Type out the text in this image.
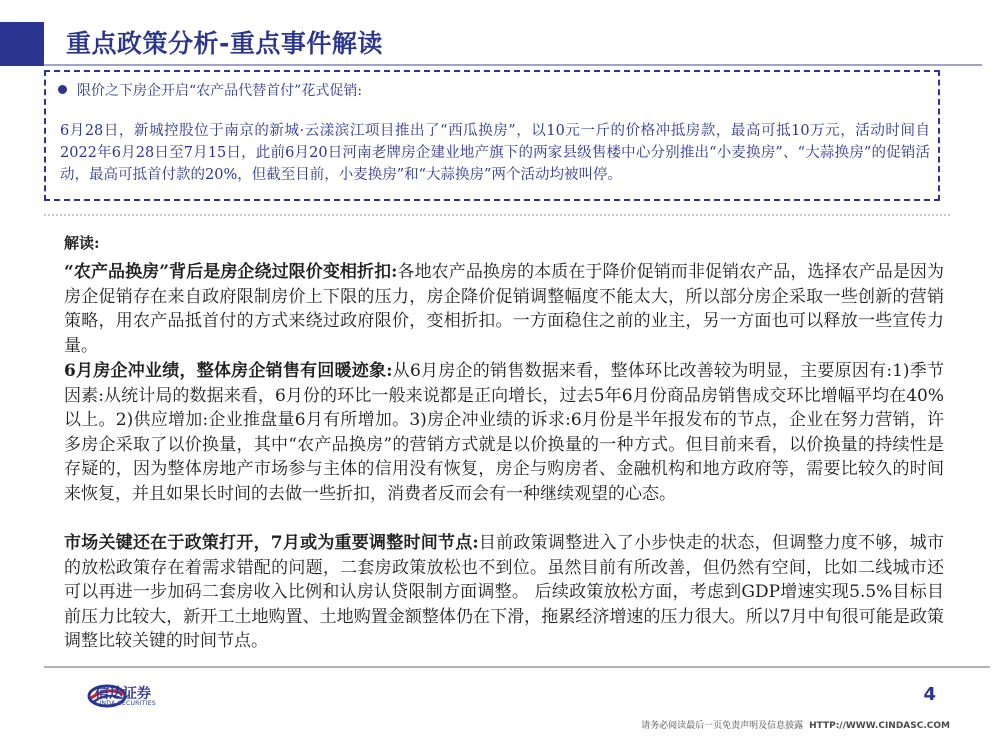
重点政策分析-重点事件解读
限价之下房企开启“农产品代替首付”花式促销:
6月28日，新城控股位于南京的新城·云漾滨江项目推出了“西瓜换房”，以10元一斤的价格冲抵房款，最高可抵10万元，活动时间自2022年6月28日至7月15日，此前6月20日河南老牌房企建业地产旗下的两家县级售楼中心分别推出“小麦换房”、“大蒜换房”的促销活动，最高可抵首付款的20%，但截至目前，小麦换房”和“大蒜换房”两个活动均被叫停。
解读:
“农产品换房”背后是房企绕过限价变相折扣:各地农产品换房的本质在于降价促销而非促销农产品，选择农产品是因为房企促销存在来自政府限制房价上下限的压力，房企降价促销调整幅度不能太大，所以部分房企采取一些创新的营销策略，用农产品抵首付的方式来绕过政府限价，变相折扣。一方面稳住之前的业主，另一方面也可以释放一些宣传力量。
6月房企冲业绩，整体房企销售有回暖迹象:从6月房企的销售数据来看，整体环比改善较为明显，主要原因有:1)季节因素:从统计局的数据来看，6月份的环比一般来说都是正向增长，过去5年6月份商品房销售成交环比增幅平均在40%以上。2)供应增加:企业推盘量6月有所增加。3)房企冲业绩的诉求:6月份是半年报发布的节点，企业在努力营销，许多房企采取了以价换量，其中“农产品换房”的营销方式就是以价换量的一种方式。但目前来看，以价换量的持续性是存疑的，因为整体房地产市场参与主体的信用没有恢复，房企与购房者、金融机构和地方政府等，需要比较久的时间来恢复，并且如果长时间的去做一些折扣，消费者反而会有一种继续观望的心态。
市场关键还在于政策打开，7月或为重要调整时间节点:目前政策调整进入了小步快走的状态，但调整力度不够，城市的放松政策存在着需求错配的问题，二套房政策放松也不到位。虽然目前有所改善，但仍然有空间，比如二线城市还可以再进一步加码二套房收入比例和认房认贷限制方面调整。 后续政策放松方面，考虑到GDP增速实现5.5%目标目前压力比较大，新开工土地购置、土地购置金额整体仍在下滑，拖累经济增速的压力很大。所以7月中旬很可能是政策调整比较关键的时间节点。
信达证券
CINDA SECURITIES	4
请务必阅读最后一页免责声明及信息披露 HTTP://WWW.CINDASC.COM
